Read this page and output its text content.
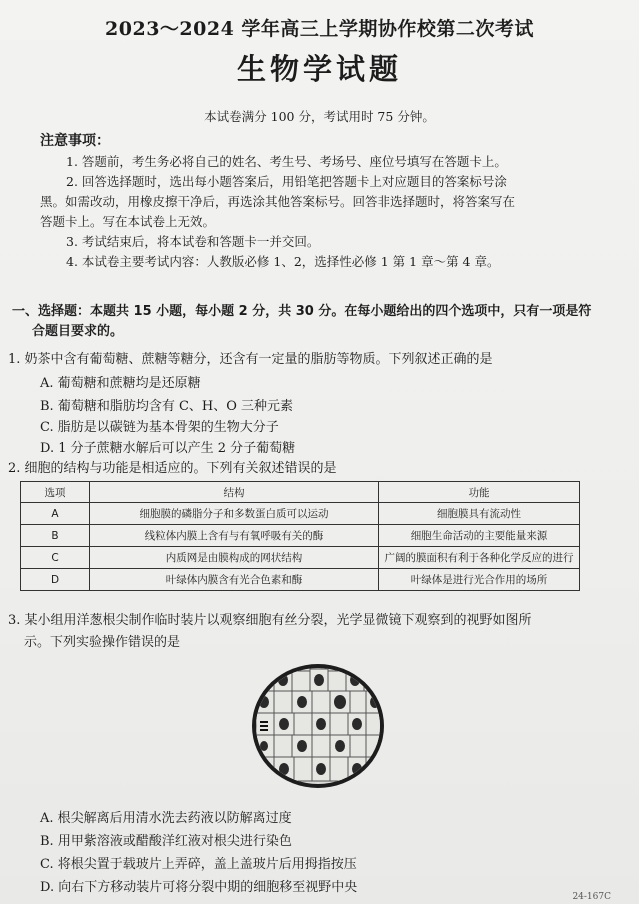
2023～2024 学年高三上学期协作校第二次考试
生物学试题
本试卷满分 100 分，考试用时 75 分钟。
注意事项：

1. 答题前，考生务必将自己的姓名、考生号、考场号、座位号填写在答题卡上。

2. 回答选择题时，选出每小题答案后，用铅笔把答题卡上对应题目的答案标号涂

黑。如需改动，用橡皮擦干净后，再选涂其他答案标号。回答非选择题时，将答案写在

答题卡上。写在本试卷上无效。

3. 考试结束后，将本试卷和答题卡一并交回。

4. 本试卷主要考试内容：人教版必修 1、2，选择性必修 1 第 1 章～第 4 章。

一、选择题：本题共 15 小题，每小题 2 分，共 30 分。在每小题给出的四个选项中，只有一项是符
合题目要求的。
1. 奶茶中含有葡萄糖、蔗糖等糖分，还含有一定量的脂肪等物质。下列叙述正确的是
A. 葡萄糖和蔗糖均是还原糖
B. 葡萄糖和脂肪均含有 C、H、O 三种元素
C. 脂肪是以碳链为基本骨架的生物大分子
D. 1 分子蔗糖水解后可以产生 2 分子葡萄糖
2. 细胞的结构与功能是相适应的。下列有关叙述错误的是
选项	结构	功能
A	细胞膜的磷脂分子和多数蛋白质可以运动	细胞膜具有流动性
B	线粒体内膜上含有与有氧呼吸有关的酶	细胞生命活动的主要能量来源
C	内质网是由膜构成的网状结构	广阔的膜面积有利于各种化学反应的进行
D	叶绿体内膜含有光合色素和酶	叶绿体是进行光合作用的场所
3. 某小组用洋葱根尖制作临时装片以观察细胞有丝分裂，光学显微镜下观察到的视野如图所
示。下列实验操作错误的是
A. 根尖解离后用清水洗去药液以防解离过度
B. 用甲紫溶液或醋酸洋红液对根尖进行染色
C. 将根尖置于载玻片上弄碎，盖上盖玻片后用拇指按压
D. 向右下方移动装片可将分裂中期的细胞移至视野中央
24-167C
